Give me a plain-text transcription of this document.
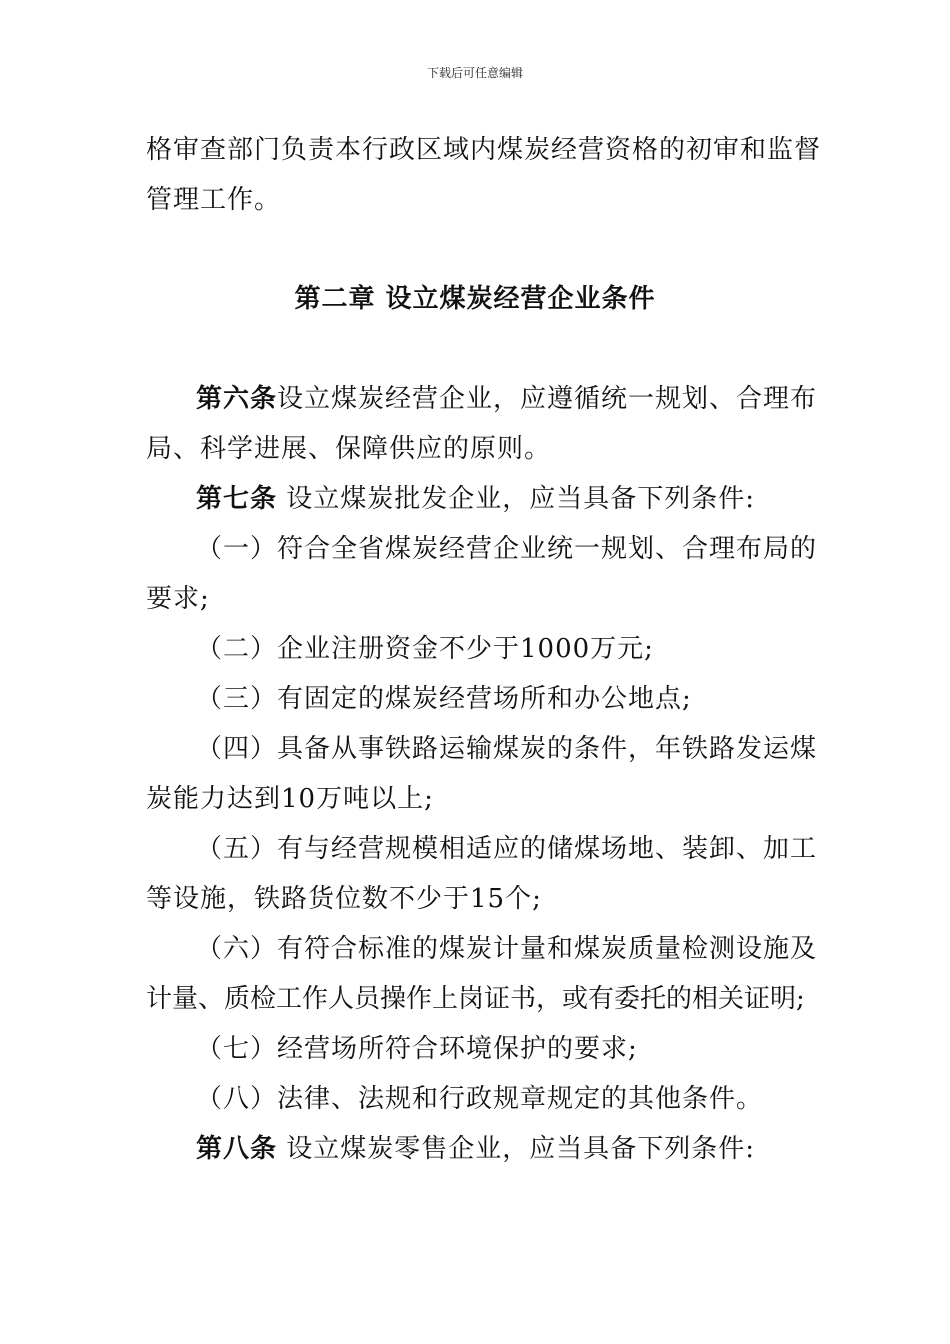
下载后可任意编辑
格审查部门负责本行政区域内煤炭经营资格的初审和监督
管理工作。
第二章 设立煤炭经营企业条件
第六条设立煤炭经营企业，应遵循统一规划、合理布
局、科学进展、保障供应的原则。
第七条 设立煤炭批发企业，应当具备下列条件:
（一）符合全省煤炭经营企业统一规划、合理布局的
要求;
（二）企业注册资金不少于1000万元;
（三）有固定的煤炭经营场所和办公地点;
（四）具备从事铁路运输煤炭的条件，年铁路发运煤
炭能力达到10万吨以上;
（五）有与经营规模相适应的储煤场地、装卸、加工
等设施，铁路货位数不少于15个;
（六）有符合标准的煤炭计量和煤炭质量检测设施及
计量、质检工作人员操作上岗证书，或有委托的相关证明;
（七）经营场所符合环境保护的要求;
（八）法律、法规和行政规章规定的其他条件。
第八条 设立煤炭零售企业，应当具备下列条件:
